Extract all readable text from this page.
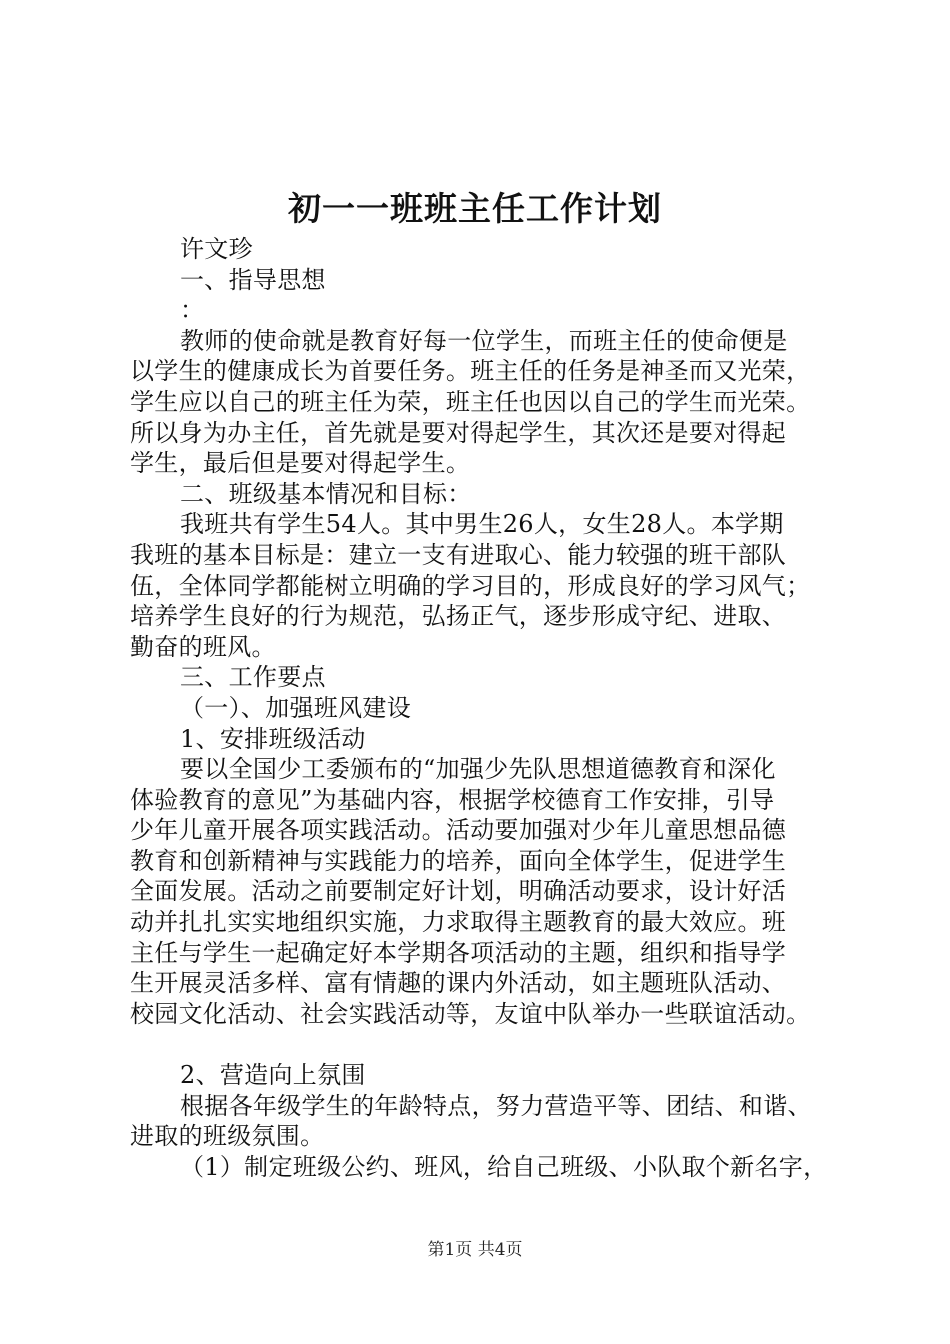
初一一班班主任工作计划
许文珍
一、指导思想
：
教师的使命就是教育好每一位学生，而班主任的使命便是
以学生的健康成长为首要任务。班主任的任务是神圣而又光荣，
学生应以自己的班主任为荣，班主任也因以自己的学生而光荣。
所以身为办主任，首先就是要对得起学生，其次还是要对得起
学生，最后但是要对得起学生。
二、班级基本情况和目标：
我班共有学生54人。其中男生26人，女生28人。本学期
我班的基本目标是：建立一支有进取心、能力较强的班干部队
伍，全体同学都能树立明确的学习目的，形成良好的学习风气；
培养学生良好的行为规范，弘扬正气，逐步形成守纪、进取、
勤奋的班风。
三、工作要点
（一）、加强班风建设
1、安排班级活动
要以全国少工委颁布的“加强少先队思想道德教育和深化
体验教育的意见”为基础内容，根据学校德育工作安排，引导
少年儿童开展各项实践活动。活动要加强对少年儿童思想品德
教育和创新精神与实践能力的培养，面向全体学生，促进学生
全面发展。活动之前要制定好计划，明确活动要求，设计好活
动并扎扎实实地组织实施，力求取得主题教育的最大效应。班
主任与学生一起确定好本学期各项活动的主题，组织和指导学
生开展灵活多样、富有情趣的课内外活动，如主题班队活动、
校园文化活动、社会实践活动等，友谊中队举办一些联谊活动。
2、营造向上氛围
根据各年级学生的年龄特点，努力营造平等、团结、和谐、
进取的班级氛围。
（1）制定班级公约、班风，给自己班级、小队取个新名字，
第1页 共4页
